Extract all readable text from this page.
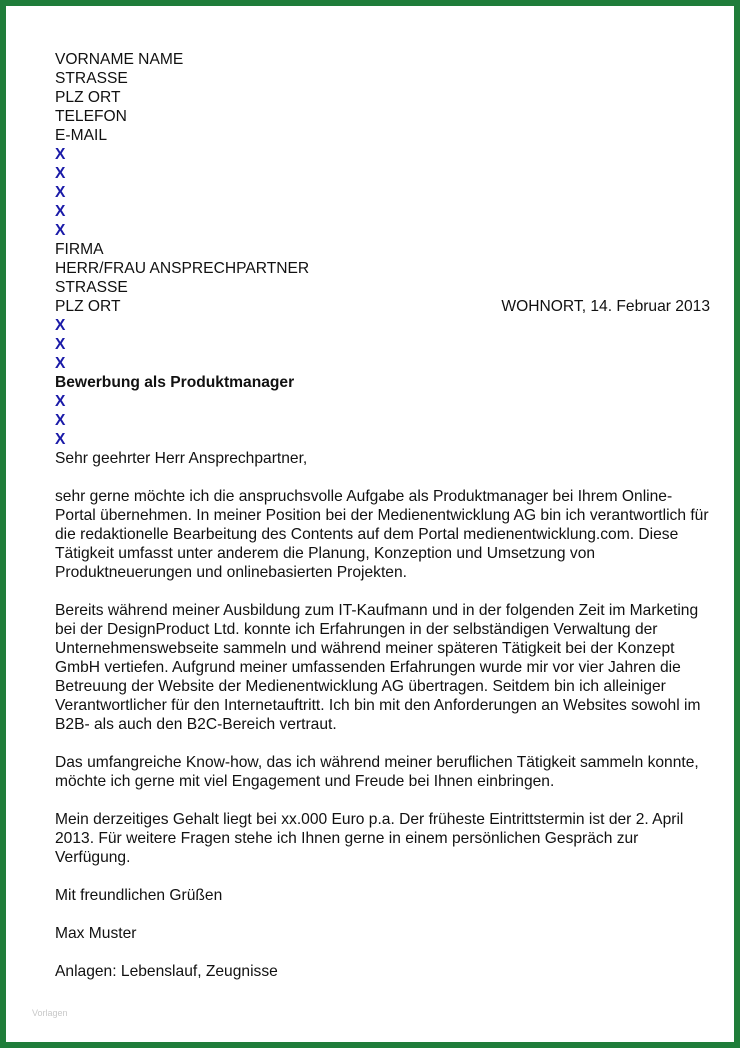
VORNAME NAME
STRASSE
PLZ ORT
TELEFON
E-MAIL
X
X
X
X
X
FIRMA
HERR/FRAU ANSPRECHPARTNER
STRASSE
PLZ ORT	WOHNORT, 14. Februar 2013
X
X
X
Bewerbung als Produktmanager
X
X
X
Sehr geehrter Herr Ansprechpartner,

sehr gerne möchte ich die anspruchsvolle Aufgabe als Produktmanager bei Ihrem Online-Portal übernehmen. In meiner Position bei der Medienentwicklung AG bin ich verantwortlich für die redaktionelle Bearbeitung des Contents auf dem Portal medienentwicklung.com. Diese Tätigkeit umfasst unter anderem die Planung, Konzeption und Umsetzung von Produktneuerungen und onlinebasierten Projekten.

Bereits während meiner Ausbildung zum IT-Kaufmann und in der folgenden Zeit im Marketing bei der DesignProduct Ltd. konnte ich Erfahrungen in der selbständigen Verwaltung der Unternehmenswebseite sammeln und während meiner späteren Tätigkeit bei der Konzept GmbH vertiefen. Aufgrund meiner umfassenden Erfahrungen wurde mir vor vier Jahren die Betreuung der Website der Medienentwicklung AG übertragen. Seitdem bin ich alleiniger Verantwortlicher für den Internetauftritt. Ich bin mit den Anforderungen an Websites sowohl im B2B- als auch den B2C-Bereich vertraut.

Das umfangreiche Know-how, das ich während meiner beruflichen Tätigkeit sammeln konnte, möchte ich gerne mit viel Engagement und Freude bei Ihnen einbringen.

Mein derzeitiges Gehalt liegt bei xx.000 Euro p.a. Der früheste Eintrittstermin ist der 2. April 2013. Für weitere Fragen stehe ich Ihnen gerne in einem persönlichen Gespräch zur Verfügung.

Mit freundlichen Grüßen
Max Muster
Anlagen: Lebenslauf, Zeugnisse
Vorlagen
